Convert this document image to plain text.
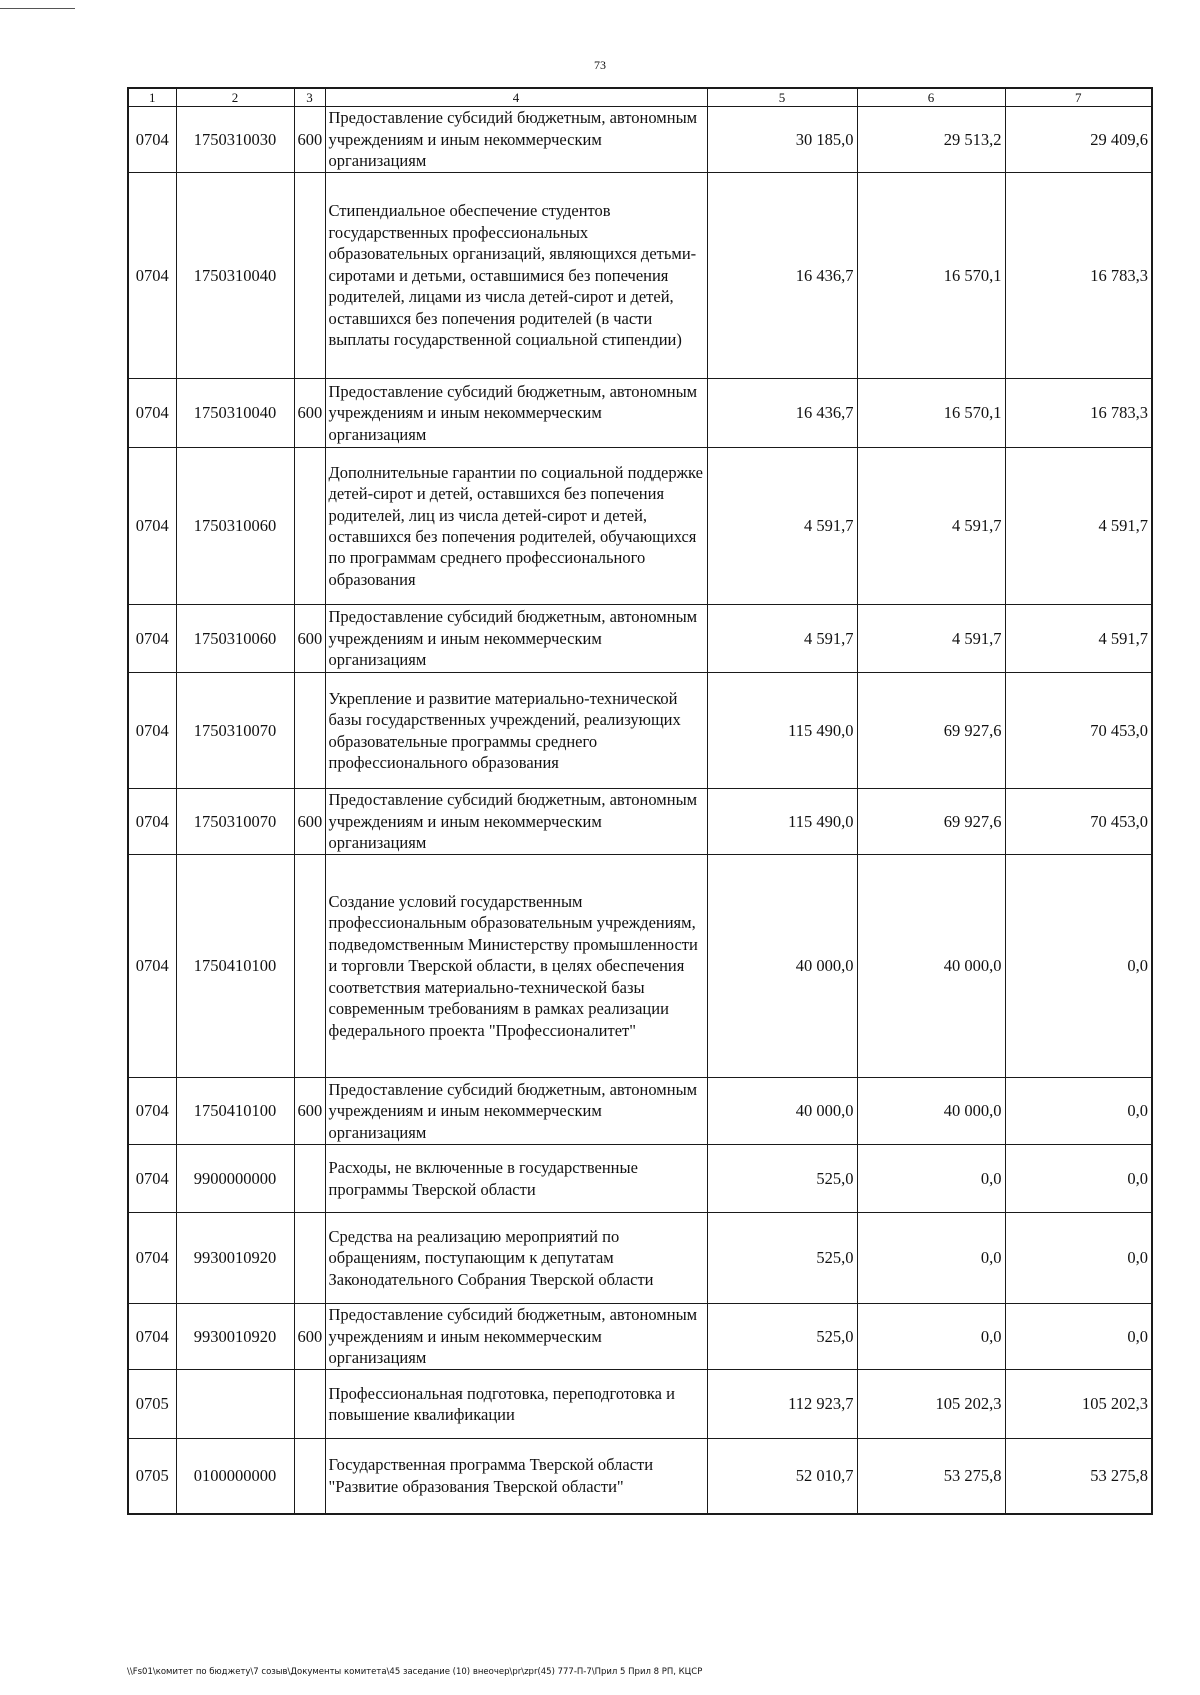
73
1	2	3	4	5	6	7
0704	1750310030	600	Предоставление субсидий бюджетным, автономным учреждениям и иным некоммерческим организациям	30 185,0	29 513,2	29 409,6
0704	1750310040		Стипендиальное обеспечение студентов государственных профессиональных образовательных организаций, являющихся детьми-сиротами и детьми, оставшимися без попечения родителей, лицами из числа детей-сирот и детей, оставшихся без попечения родителей (в части выплаты государственной социальной стипендии)	16 436,7	16 570,1	16 783,3
0704	1750310040	600	Предоставление субсидий бюджетным, автономным учреждениям и иным некоммерческим организациям	16 436,7	16 570,1	16 783,3
0704	1750310060		Дополнительные гарантии по социальной поддержке детей-сирот и детей, оставшихся без попечения родителей, лиц из числа детей-сирот и детей, оставшихся без попечения родителей, обучающихся по программам среднего профессионального образования	4 591,7	4 591,7	4 591,7
0704	1750310060	600	Предоставление субсидий бюджетным, автономным учреждениям и иным некоммерческим организациям	4 591,7	4 591,7	4 591,7
0704	1750310070		Укрепление и развитие материально-технической базы государственных учреждений, реализующих образовательные программы среднего профессионального образования	115 490,0	69 927,6	70 453,0
0704	1750310070	600	Предоставление субсидий бюджетным, автономным учреждениям и иным некоммерческим организациям	115 490,0	69 927,6	70 453,0
0704	1750410100		Создание условий государственным профессиональным образовательным учреждениям, подведомственным Министерству промышленности и торговли Тверской области, в целях обеспечения соответствия материально-технической базы современным требованиям в рамках реализации федерального проекта "Профессионалитет"	40 000,0	40 000,0	0,0
0704	1750410100	600	Предоставление субсидий бюджетным, автономным учреждениям и иным некоммерческим организациям	40 000,0	40 000,0	0,0
0704	9900000000		Расходы, не включенные в государственные программы Тверской области	525,0	0,0	0,0
0704	9930010920		Средства на реализацию мероприятий по обращениям, поступающим к депутатам Законодательного Собрания Тверской области	525,0	0,0	0,0
0704	9930010920	600	Предоставление субсидий бюджетным, автономным учреждениям и иным некоммерческим организациям	525,0	0,0	0,0
0705			Профессиональная подготовка, переподготовка и повышение квалификации	112 923,7	105 202,3	105 202,3
0705	0100000000		Государственная программа Тверской области "Развитие образования Тверской области"	52 010,7	53 275,8	53 275,8
\\Fs01\комитет по бюджету\7 созыв\Документы комитета\45 заседание (10) внеочер\pr\zpr(45) 777-П-7\Прил 5 Прил 8 РП, КЦСР
